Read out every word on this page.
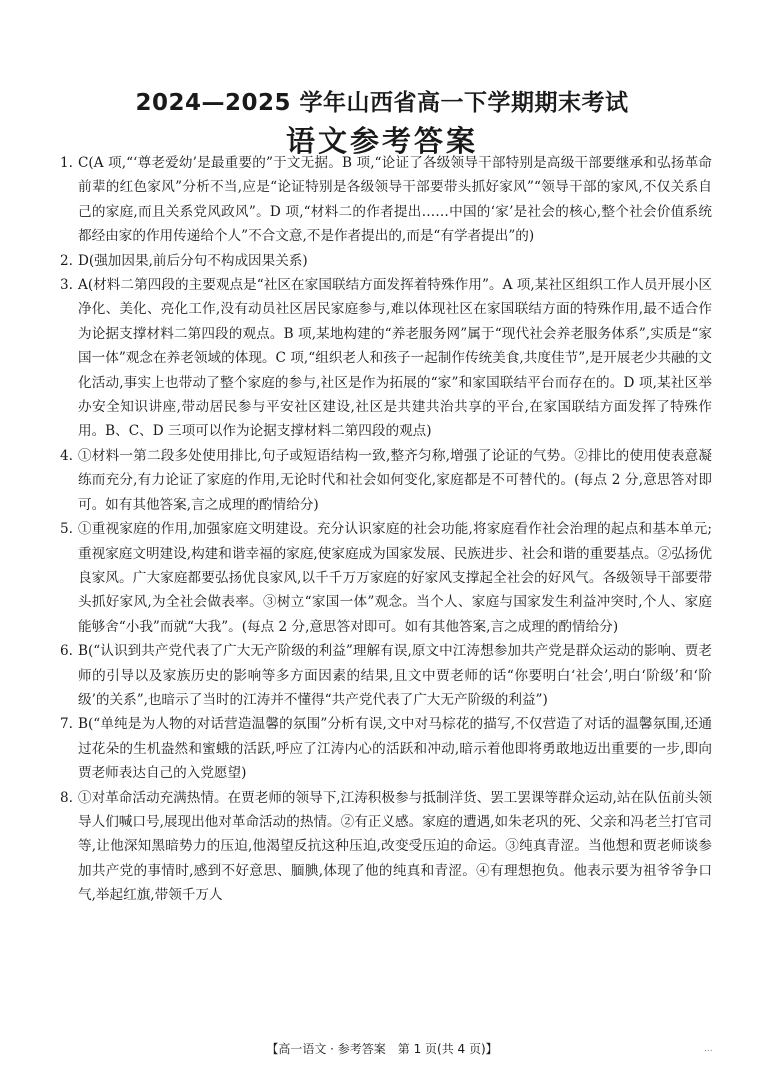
2024—2025 学年山西省高一下学期期末考试
语文参考答案

1. C(A 项,“‘尊老爱幼’是最重要的”于文无据。B 项,“论证了各级领导干部特别是高级干部要继承和弘扬革命前辈的红色家风”分析不当,应是“论证特别是各级领导干部要带头抓好家风”“领导干部的家风,不仅关系自己的家庭,而且关系党风政风”。D 项,“材料二的作者提出……中国的‘家’是社会的核心,整个社会价值系统都经由家的作用传递给个人”不合文意,不是作者提出的,而是“有学者提出”的)

2. D(强加因果,前后分句不构成因果关系)

3. A(材料二第四段的主要观点是“社区在家国联结方面发挥着特殊作用”。A 项,某社区组织工作人员开展小区净化、美化、亮化工作,没有动员社区居民家庭参与,难以体现社区在家国联结方面的特殊作用,最不适合作为论据支撑材料二第四段的观点。B 项,某地构建的“养老服务网”属于“现代社会养老服务体系”,实质是“家国一体”观念在养老领域的体现。C 项,“组织老人和孩子一起制作传统美食,共度佳节”,是开展老少共融的文化活动,事实上也带动了整个家庭的参与,社区是作为拓展的“家”和家国联结平台而存在的。D 项,某社区举办安全知识讲座,带动居民参与平安社区建设,社区是共建共治共享的平台,在家国联结方面发挥了特殊作用。B、C、D 三项可以作为论据支撑材料二第四段的观点)

4. ①材料一第二段多处使用排比,句子或短语结构一致,整齐匀称,增强了论证的气势。②排比的使用使表意凝练而充分,有力论证了家庭的作用,无论时代和社会如何变化,家庭都是不可替代的。(每点 2 分,意思答对即可。如有其他答案,言之成理的酌情给分)

5. ①重视家庭的作用,加强家庭文明建设。充分认识家庭的社会功能,将家庭看作社会治理的起点和基本单元;重视家庭文明建设,构建和谐幸福的家庭,使家庭成为国家发展、民族进步、社会和谐的重要基点。②弘扬优良家风。广大家庭都要弘扬优良家风,以千千万万家庭的好家风支撑起全社会的好风气。各级领导干部要带头抓好家风,为全社会做表率。③树立“家国一体”观念。当个人、家庭与国家发生利益冲突时,个人、家庭能够舍“小我”而就“大我”。(每点 2 分,意思答对即可。如有其他答案,言之成理的酌情给分)

6. B(“认识到共产党代表了广大无产阶级的利益”理解有误,原文中江涛想参加共产党是群众运动的影响、贾老师的引导以及家族历史的影响等多方面因素的结果,且文中贾老师的话“你要明白‘社会’,明白‘阶级’和‘阶级’的关系”,也暗示了当时的江涛并不懂得“共产党代表了广大无产阶级的利益”)

7. B(“单纯是为人物的对话营造温馨的氛围”分析有误,文中对马棕花的描写,不仅营造了对话的温馨氛围,还通过花朵的生机盎然和蜜蛾的活跃,呼应了江涛内心的活跃和冲动,暗示着他即将勇敢地迈出重要的一步,即向贾老师表达自己的入党愿望)

8. ①对革命活动充满热情。在贾老师的领导下,江涛积极参与抵制洋货、罢工罢课等群众运动,站在队伍前头领导人们喊口号,展现出他对革命活动的热情。②有正义感。家庭的遭遇,如朱老巩的死、父亲和冯老兰打官司等,让他深知黑暗势力的压迫,他渴望反抗这种压迫,改变受压迫的命运。③纯真青涩。当他想和贾老师谈参加共产党的事情时,感到不好意思、腼腆,体现了他的纯真和青涩。④有理想抱负。他表示要为祖爷爷争口气,举起红旗,带领千万人

【高一语文 · 参考答案　第 1 页(共 4 页)】	...
